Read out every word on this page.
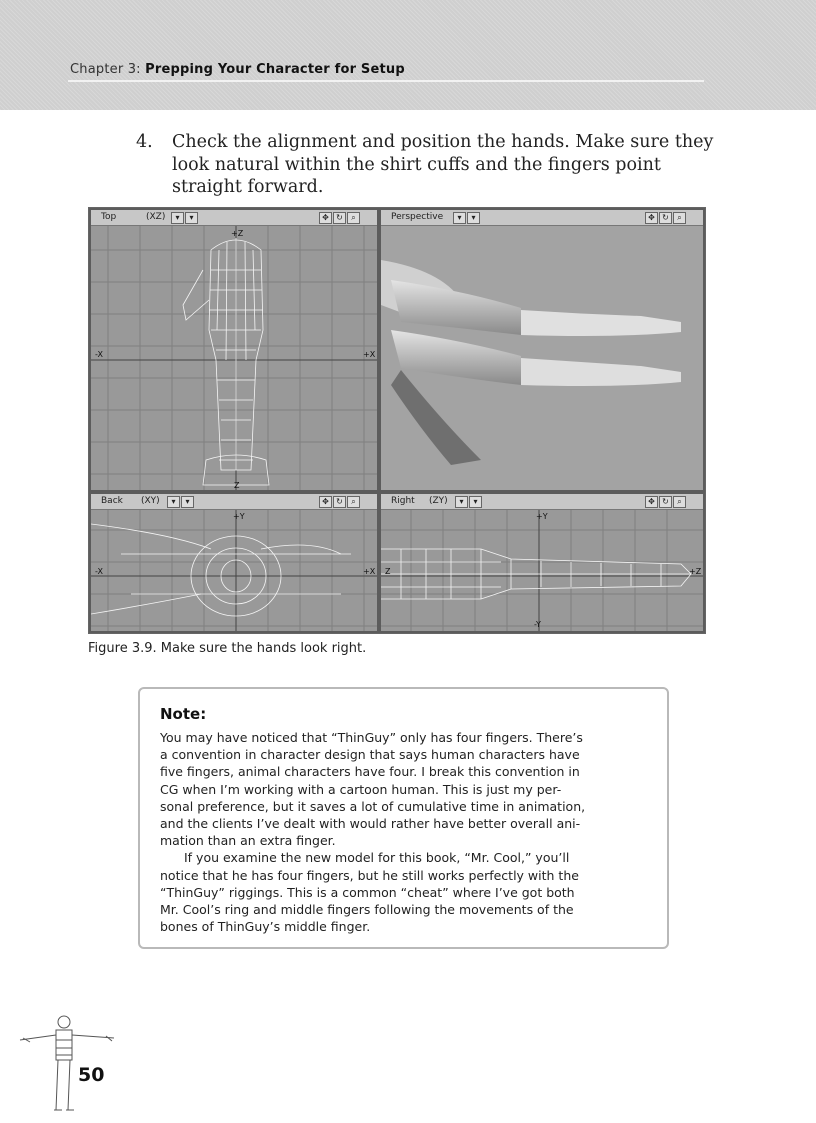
Chapter 3: Prepping Your Character for Setup
4. Check the alignment and position the hands. Make sure they
look natural within the shirt cuffs and the fingers point
straight forward.
+Z
Z
-X	+X
Top	(XZ)	▾	▾	✥ ↻	⌕	Perspective	▾	▾	✥ ↻	⌕
+Y
-X	+X
Back (XY)	▾	▾	✥ ↻	⌕
+Y
-Y
Z	+Z
Right (ZY)	▾	▾	✥ ↻	⌕
Figure 3.9. Make sure the hands look right.
Note:
You may have noticed that “ThinGuy” only has four fingers. There’s
a convention in character design that says human characters have
five fingers, animal characters have four. I break this convention in
CG when I’m working with a cartoon human. This is just my per-
sonal preference, but it saves a lot of cumulative time in animation,
and the clients I’ve dealt with would rather have better overall ani-
mation than an extra finger.
If you examine the new model for this book, “Mr. Cool,” you’ll
notice that he has four fingers, but he still works perfectly with the
“ThinGuy” riggings. This is a common “cheat” where I’ve got both
Mr. Cool’s ring and middle fingers following the movements of the
bones of ThinGuy’s middle finger.
50
